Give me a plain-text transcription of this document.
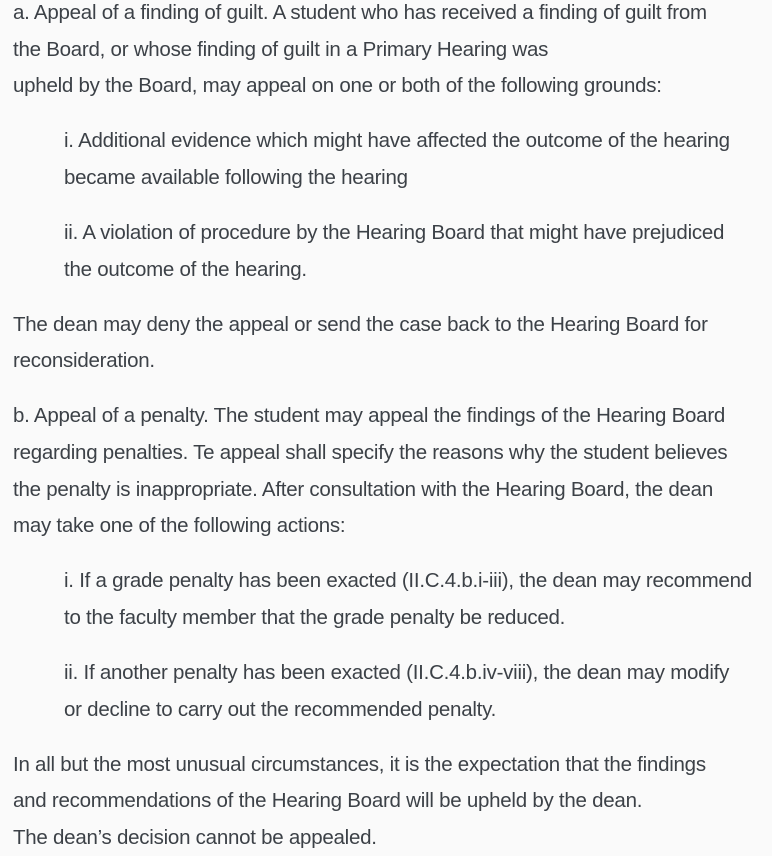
a. Appeal of a finding of guilt. A student who has received a finding of guilt from
the Board, or whose finding of guilt in a Primary Hearing was
upheld by the Board, may appeal on one or both of the following grounds:

i. Additional evidence which might have affected the outcome of the hearing
became available following the hearing

ii. A violation of procedure by the Hearing Board that might have prejudiced
the outcome of the hearing.

The dean may deny the appeal or send the case back to the Hearing Board for
reconsideration.

b. Appeal of a penalty. The student may appeal the findings of the Hearing Board
regarding penalties. Te appeal shall specify the reasons why the student believes
the penalty is inappropriate. After consultation with the Hearing Board, the dean
may take one of the following actions:

i. If a grade penalty has been exacted (II.C.4.b.i-iii), the dean may recommend
to the faculty member that the grade penalty be reduced.

ii. If another penalty has been exacted (II.C.4.b.iv-viii), the dean may modify
or decline to carry out the recommended penalty.

In all but the most unusual circumstances, it is the expectation that the findings
and recommendations of the Hearing Board will be upheld by the dean.
The dean’s decision cannot be appealed.
